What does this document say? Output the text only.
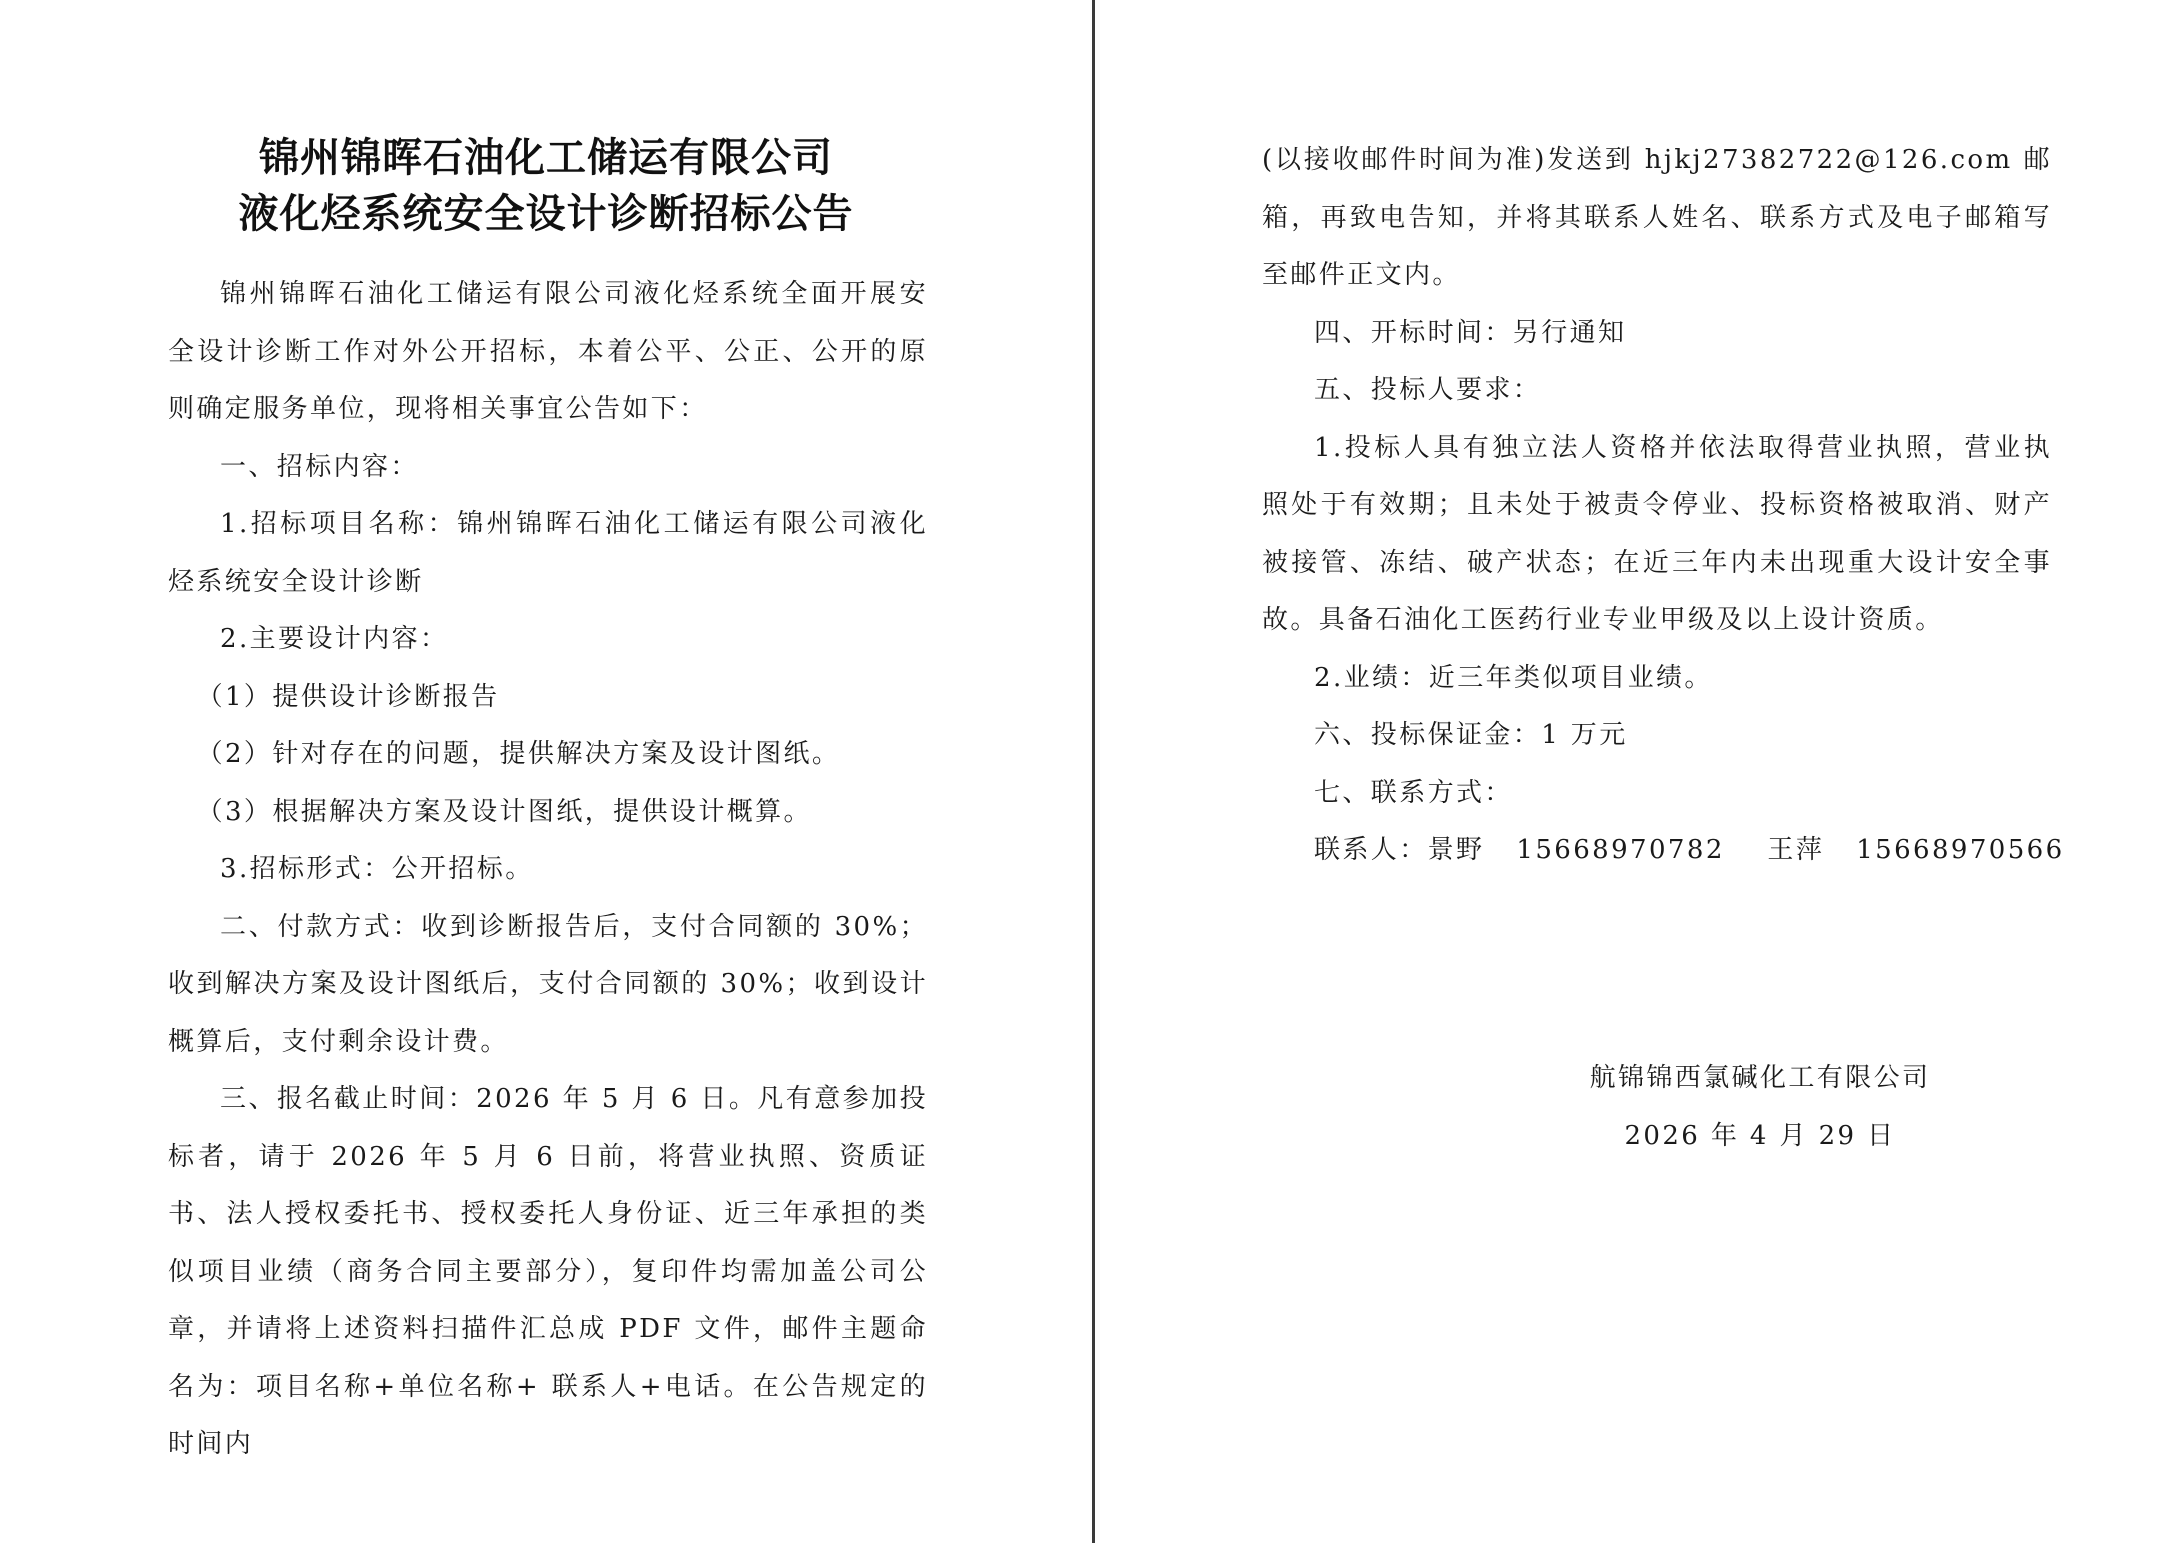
锦州锦晖石油化工储运有限公司
液化烃系统安全设计诊断招标公告

锦州锦晖石油化工储运有限公司液化烃系统全面开展安全设计诊断工作对外公开招标，本着公平、公正、公开的原则确定服务单位，现将相关事宜公告如下：

一、招标内容：

1.招标项目名称：锦州锦晖石油化工储运有限公司液化烃系统安全设计诊断

2.主要设计内容：

（1）提供设计诊断报告

（2）针对存在的问题，提供解决方案及设计图纸。

（3）根据解决方案及设计图纸，提供设计概算。

3.招标形式：公开招标。

二、付款方式：收到诊断报告后，支付合同额的 30%；收到解决方案及设计图纸后，支付合同额的 30%；收到设计概算后，支付剩余设计费。

三、报名截止时间：2026 年 5 月 6 日。凡有意参加投标者，请于 2026 年 5 月 6 日前，将营业执照、资质证书、法人授权委托书、授权委托人身份证、近三年承担的类似项目业绩（商务合同主要部分），复印件均需加盖公司公章，并请将上述资料扫描件汇总成 PDF 文件，邮件主题命名为：项目名称+单位名称+ 联系人+电话。在公告规定的时间内

(以接收邮件时间为准)发送到 hjkj27382722@126.com 邮箱，再致电告知，并将其联系人姓名、联系方式及电子邮箱写至邮件正文内。

四、开标时间：另行通知

五、投标人要求：

1.投标人具有独立法人资格并依法取得营业执照，营业执照处于有效期；且未处于被责令停业、投标资格被取消、财产被接管、冻结、破产状态；在近三年内未出现重大设计安全事故。具备石油化工医药行业专业甲级及以上设计资质。

2.业绩：近三年类似项目业绩。

六、投标保证金：1 万元

七、联系方式：

联系人：景野   15668970782    王萍   15668970566

航锦锦西氯碱化工有限公司
2026 年 4 月 29 日
